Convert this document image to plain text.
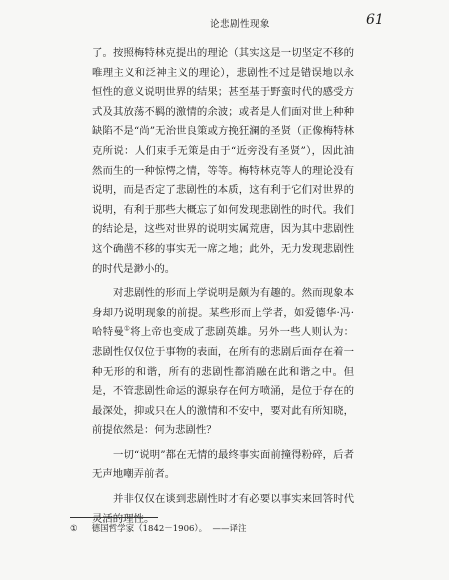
论悲剧性现象	61

了。按照梅特林克提出的理论（其实这是一切坚定不移的唯理主义和泛神主义的理论），悲剧性不过是错误地以永恒性的意义说明世界的结果；甚至基于野蛮时代的感受方式及其放荡不羁的激情的余波；或者是人们面对世上种种缺陷不是“尚”无治世良策或方挽狂澜的圣贤（正像梅特林克所说：人们束手无策是由于“近旁没有圣贤”），因此油然而生的一种惊愕之情，等等。梅特林克等人的理论没有说明，而是否定了悲剧性的本质，这有利于它们对世界的说明，有利于那些大概忘了如何发现悲剧性的时代。我们的结论是，这些对世界的说明实属荒唐，因为其中悲剧性这个确凿不移的事实无一席之地；此外，无力发现悲剧性的时代是渺小的。

对悲剧性的形而上学说明是颇为有趣的。然而现象本身却乃说明现象的前提。某些形而上学者，如爱德华·冯·哈特曼①将上帝也变成了悲剧英雄。另外一些人则认为：悲剧性仅仅位于事物的表面，在所有的悲剧后面存在着一种无形的和谐，所有的悲剧性都消融在此和谐之中。但是，不管悲剧性命运的源泉存在何方喷涌，是位于存在的最深处，抑或只在人的激情和不安中，要对此有所知晓，前提依然是：何为悲剧性？

一切“说明”都在无情的最终事实面前撞得粉碎，后者无声地嘲弄前者。

并非仅仅在谈到悲剧性时才有必要以事实来回答时代灵活的理性。

① 德国哲学家（1842－1906）。 ——译注
